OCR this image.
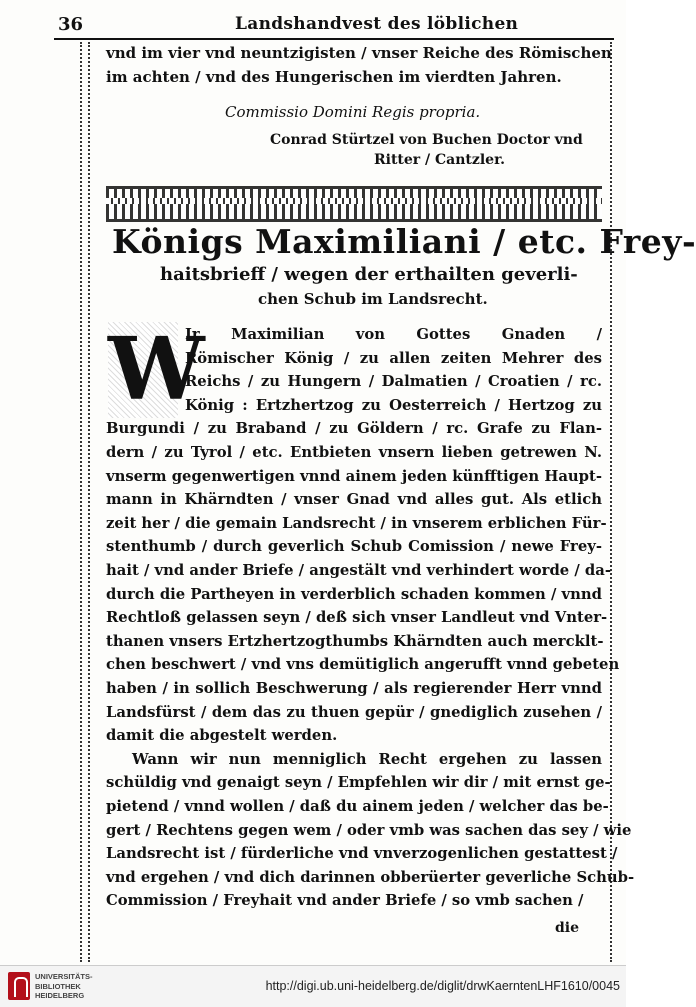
36	Landshandvest des löblichen
vnd im vier vnd neuntzigisten / vnser Reiche des Römischen
im achten / vnd des Hungerischen im vierdten Jahren.
Commissio Domini Regis propria.
Conrad Stürtzel von Buchen Doctor vnd
Ritter / Cantzler.
Königs Maximiliani / etc. Frey-
haitsbrieff / wegen der erthailten geverli-
chen Schub im Landsrecht.
W
Ir Maximilian von Gottes Gnaden /
Römischer König / zu allen zeiten Mehrer des
Reichs / zu Hungern / Dalmatien / Croatien / rc.
König : Ertzhertzog zu Oesterreich / Hertzog zu
Burgundi / zu Braband / zu Göldern / rc. Grafe zu Flan-
dern / zu Tyrol / etc. Entbieten vnsern lieben getrewen N.
vnserm gegenwertigen vnnd ainem jeden künfftigen Haupt-
mann in Khärndten / vnser Gnad vnd alles gut. Als etlich
zeit her / die gemain Landsrecht / in vnserem erblichen Für-
stenthumb / durch geverlich Schub Comission / newe Frey-
hait / vnd ander Briefe / angestält vnd verhindert worde / da-
durch die Partheyen in verderblich schaden kommen / vnnd
Rechtloß gelassen seyn / deß sich vnser Landleut vnd Vnter-
thanen vnsers Ertzhertzogthumbs Khärndten auch mercklt-
chen beschwert / vnd vns demütiglich angerufft vnnd gebeten
haben / in sollich Beschwerung / als regierender Herr vnnd
Landsfürst / dem das zu thuen gepür / gnediglich zusehen /
damit die abgestelt werden.
Wann wir nun menniglich Recht ergehen zu lassen
schüldig vnd genaigt seyn / Empfehlen wir dir / mit ernst ge-
pietend / vnnd wollen / daß du ainem jeden / welcher das be-
gert / Rechtens gegen wem / oder vmb was sachen das sey / wie
Landsrecht ist / fürderliche vnd vnverzogenlichen gestattest /
vnd ergehen / vnd dich darinnen obberüerter geverliche Schub-
Commission / Freyhait vnd ander Briefe / so vmb sachen /
die
UNIVERSITÄTS-
BIBLIOTHEK
HEIDELBERG
http://digi.ub.uni-heidelberg.de/diglit/drwKaerntenLHF1610/0045
